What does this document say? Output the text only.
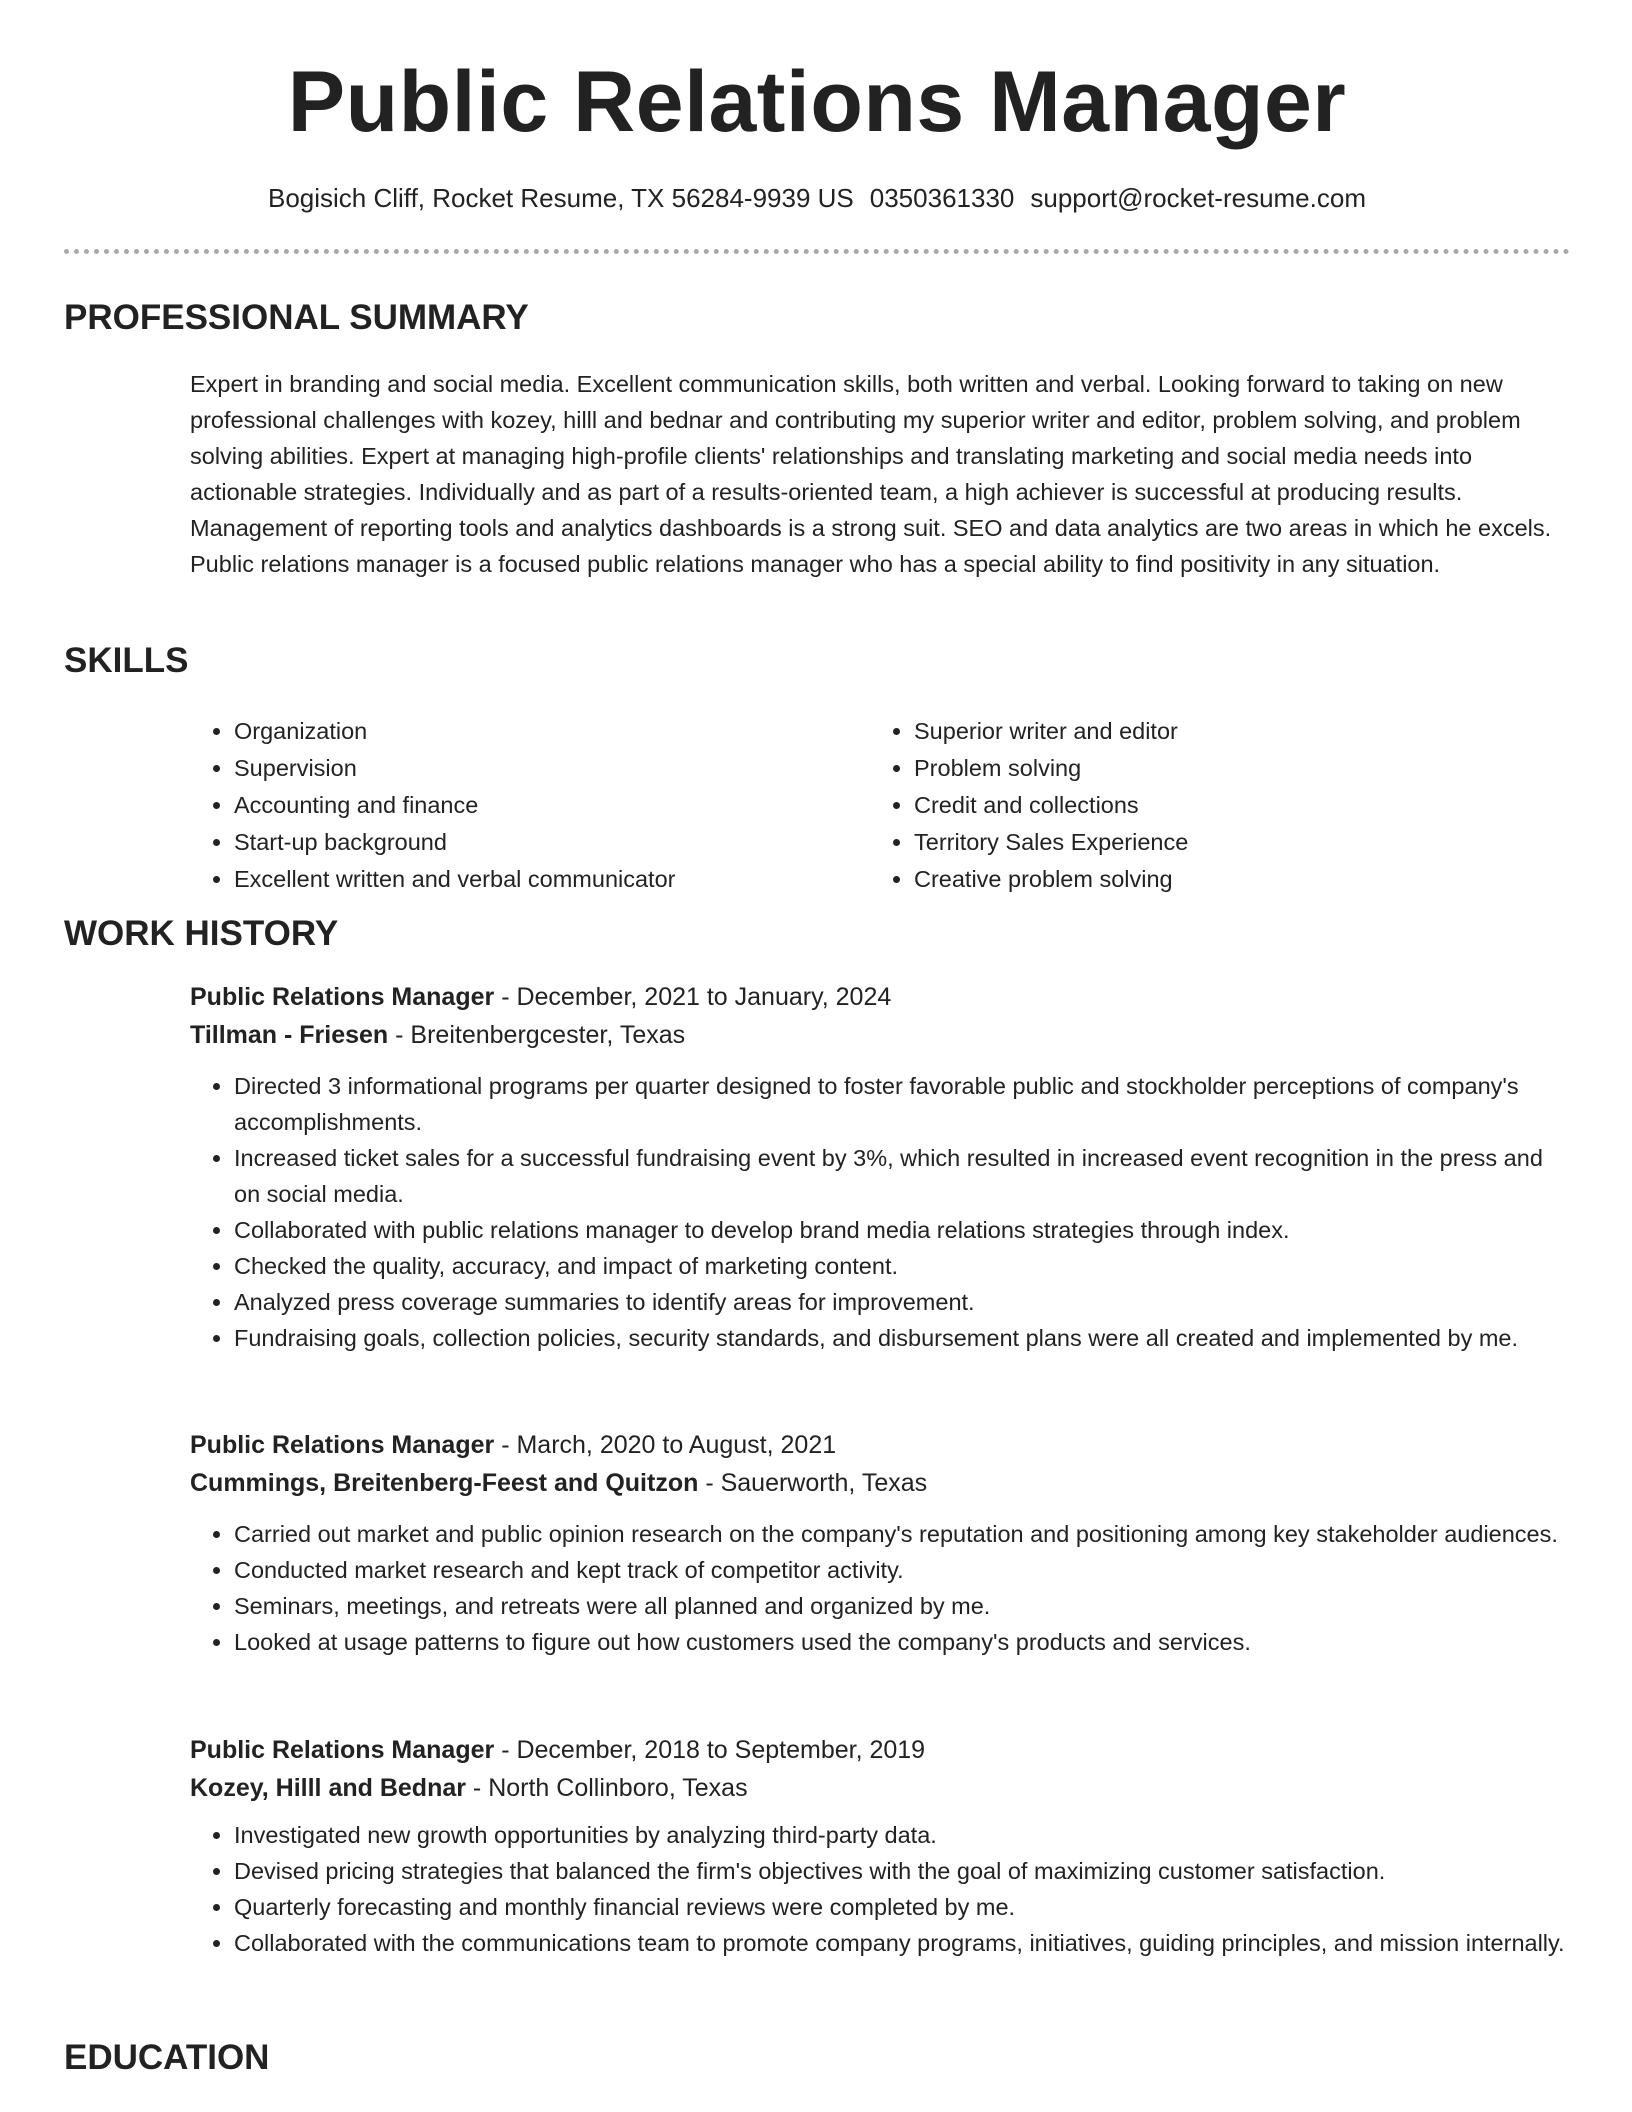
Public Relations Manager
Bogisich Cliff, Rocket Resume, TX 56284-9939 US 0350361330 support@rocket-resume.com
PROFESSIONAL SUMMARY

Expert in branding and social media. Excellent communication skills, both written and verbal. Looking forward to taking on new professional challenges with kozey, hilll and bednar and contributing my superior writer and editor, problem solving, and problem solving abilities. Expert at managing high-profile clients' relationships and translating marketing and social media needs into actionable strategies. Individually and as part of a results-oriented team, a high achiever is successful at producing results. Management of reporting tools and analytics dashboards is a strong suit. SEO and data analytics are two areas in which he excels. Public relations manager is a focused public relations manager who has a special ability to find positivity in any situation.

SKILLS
• Organization
• Supervision
• Accounting and finance
• Start-up background
• Excellent written and verbal communicator
• Superior writer and editor
• Problem solving
• Credit and collections
• Territory Sales Experience
• Creative problem solving
WORK HISTORY

Public Relations Manager - December, 2021 to January, 2024

Tillman - Friesen - Breitenbergcester, Texas

• Directed 3 informational programs per quarter designed to foster favorable public and stockholder perceptions of company's accomplishments.
• Increased ticket sales for a successful fundraising event by 3%, which resulted in increased event recognition in the press and on social media.
• Collaborated with public relations manager to develop brand media relations strategies through index.
• Checked the quality, accuracy, and impact of marketing content.
• Analyzed press coverage summaries to identify areas for improvement.
• Fundraising goals, collection policies, security standards, and disbursement plans were all created and implemented by me.

Public Relations Manager - March, 2020 to August, 2021

Cummings, Breitenberg-Feest and Quitzon - Sauerworth, Texas

• Carried out market and public opinion research on the company's reputation and positioning among key stakeholder audiences.
• Conducted market research and kept track of competitor activity.
• Seminars, meetings, and retreats were all planned and organized by me.
• Looked at usage patterns to figure out how customers used the company's products and services.

Public Relations Manager - December, 2018 to September, 2019

Kozey, Hilll and Bednar - North Collinboro, Texas

• Investigated new growth opportunities by analyzing third-party data.
• Devised pricing strategies that balanced the firm's objectives with the goal of maximizing customer satisfaction.
• Quarterly forecasting and monthly financial reviews were completed by me.
• Collaborated with the communications team to promote company programs, initiatives, guiding principles, and mission internally.
EDUCATION
